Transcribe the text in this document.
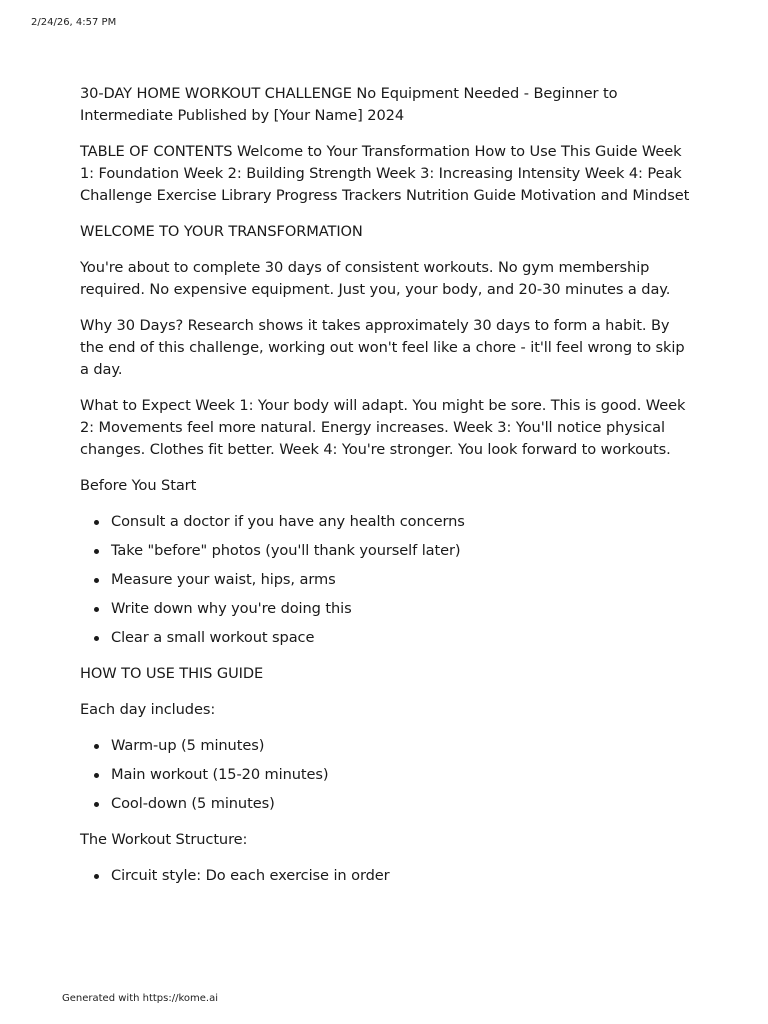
2/24/26, 4:57 PM

30-DAY HOME WORKOUT CHALLENGE No Equipment Needed - Beginner to Intermediate Published by [Your Name] 2024

TABLE OF CONTENTS Welcome to Your Transformation How to Use This Guide Week 1: Foundation Week 2: Building Strength Week 3: Increasing Intensity Week 4: Peak Challenge Exercise Library Progress Trackers Nutrition Guide Motivation and Mindset

WELCOME TO YOUR TRANSFORMATION

You're about to complete 30 days of consistent workouts. No gym membership required. No expensive equipment. Just you, your body, and 20-30 minutes a day.

Why 30 Days? Research shows it takes approximately 30 days to form a habit. By the end of this challenge, working out won't feel like a chore - it'll feel wrong to skip a day.

What to Expect Week 1: Your body will adapt. You might be sore. This is good. Week 2: Movements feel more natural. Energy increases. Week 3: You'll notice physical changes. Clothes fit better. Week 4: You're stronger. You look forward to workouts.

Before You Start

Consult a doctor if you have any health concerns
Take "before" photos (you'll thank yourself later)
Measure your waist, hips, arms
Write down why you're doing this
Clear a small workout space

HOW TO USE THIS GUIDE

Each day includes:

Warm-up (5 minutes)
Main workout (15-20 minutes)
Cool-down (5 minutes)

The Workout Structure:

Circuit style: Do each exercise in order
Generated with https://kome.ai
